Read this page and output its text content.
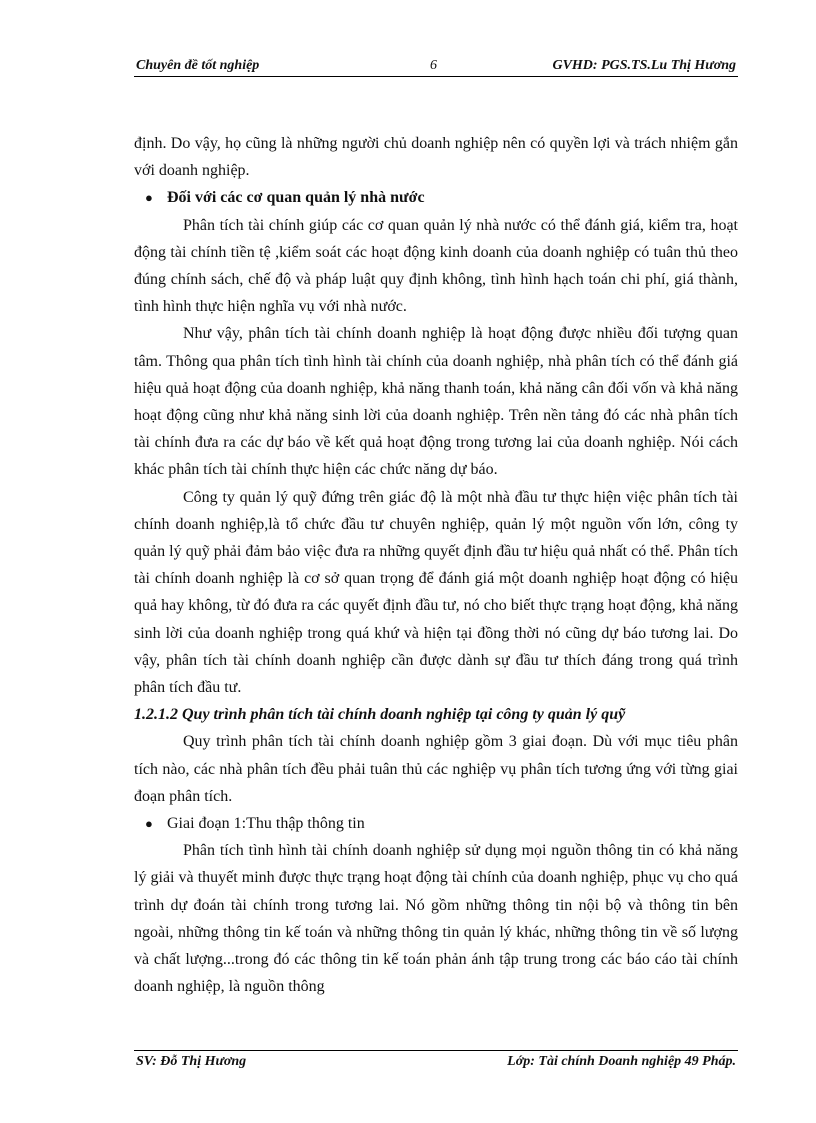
Chuyên đề tốt nghiệp	6	GVHD: PGS.TS.Lu Thị Hương

định. Do vậy, họ cũng là những người chủ doanh nghiệp nên có quyền lợi và trách nhiệm gắn với doanh nghiệp.

● Đối với các cơ quan quản lý nhà nước

Phân tích tài chính giúp các cơ quan quản lý nhà nước có thể đánh giá, kiểm tra, hoạt động tài chính tiền tệ ,kiểm soát các hoạt động kinh doanh của doanh nghiệp có tuân thủ theo đúng chính sách, chế độ và pháp luật quy định không, tình hình hạch toán chi phí, giá thành, tình hình thực hiện nghĩa vụ với nhà nước.

Như vậy, phân tích tài chính doanh nghiệp là hoạt động được nhiều đối tượng quan tâm. Thông qua phân tích tình hình tài chính của doanh nghiệp, nhà phân tích có thể đánh giá hiệu quả hoạt động của doanh nghiệp, khả năng thanh toán, khả năng cân đối vốn và khả năng hoạt động cũng như khả năng sinh lời của doanh nghiệp. Trên nền tảng đó các nhà phân tích tài chính đưa ra các dự báo về kết quả hoạt động trong tương lai của doanh nghiệp. Nói cách khác phân tích tài chính thực hiện các chức năng dự báo.

Công ty quản lý quỹ đứng trên giác độ là một nhà đầu tư thực hiện việc phân tích tài chính doanh nghiệp,là tổ chức đầu tư chuyên nghiệp, quản lý một nguồn vốn lớn, công ty quản lý quỹ phải đảm bảo việc đưa ra những quyết định đầu tư hiệu quả nhất có thể. Phân tích tài chính doanh nghiệp là cơ sở quan trọng để đánh giá một doanh nghiệp hoạt động có hiệu quả hay không, từ đó đưa ra các quyết định đầu tư, nó cho biết thực trạng hoạt động, khả năng sinh lời của doanh nghiệp trong quá khứ và hiện tại đồng thời nó cũng dự báo tương lai. Do vậy, phân tích tài chính doanh nghiệp cần được dành sự đầu tư thích đáng trong quá trình phân tích đầu tư.

1.2.1.2 Quy trình phân tích tài chính doanh nghiệp tại công ty quản lý quỹ

Quy trình phân tích tài chính doanh nghiệp gồm 3 giai đoạn. Dù với mục tiêu phân tích nào, các nhà phân tích đều phải tuân thủ các nghiệp vụ phân tích tương ứng với từng giai đoạn phân tích.

● Giai đoạn 1:Thu thập thông tin

Phân tích tình hình tài chính doanh nghiệp sử dụng mọi nguồn thông tin có khả năng lý giải và thuyết minh được thực trạng hoạt động tài chính của doanh nghiệp, phục vụ cho quá trình dự đoán tài chính trong tương lai. Nó gồm những thông tin nội bộ và thông tin bên ngoài, những thông tin kế toán và những thông tin quản lý khác, những thông tin về số lượng và chất lượng...trong đó các thông tin kế toán phản ánh tập trung trong các báo cáo tài chính doanh nghiệp, là nguồn thông

SV: Đỗ Thị Hương	Lớp: Tài chính Doanh nghiệp 49 Pháp.
